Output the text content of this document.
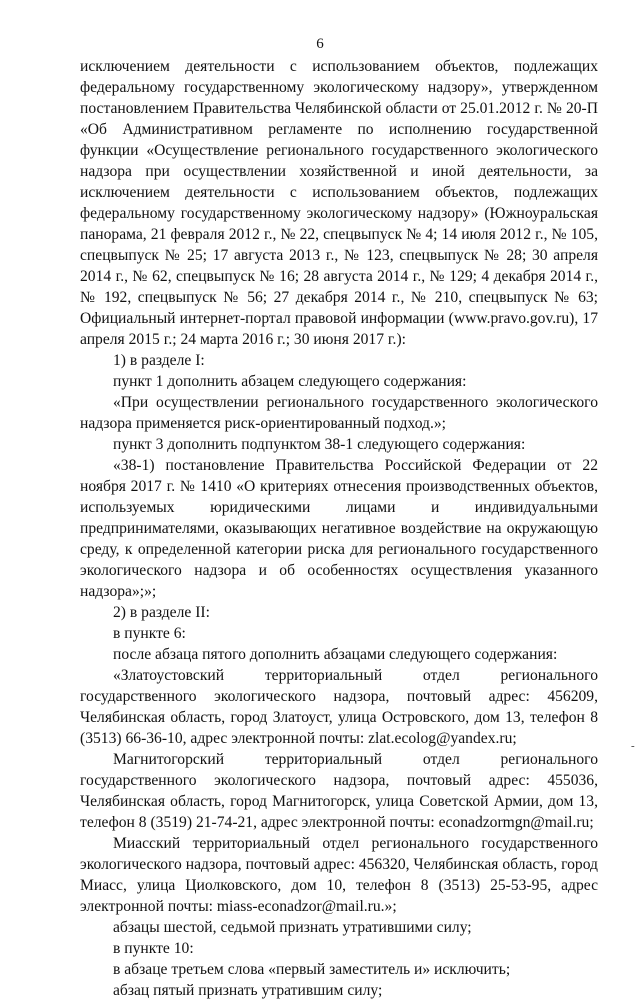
6

исключением деятельности с использованием объектов, подлежащих федеральному государственному экологическому надзору», утвержденном постановлением Правительства Челябинской области от 25.01.2012 г. № 20-П «Об Административном регламенте по исполнению государственной функции «Осуществление регионального государственного экологического надзора при осуществлении хозяйственной и иной деятельности, за исключением деятельности с использованием объектов, подлежащих федеральному государственному экологическому надзору» (Южноуральская панорама, 21 февраля 2012 г., № 22, спецвыпуск № 4; 14 июля 2012 г., № 105, спецвыпуск № 25; 17 августа 2013 г., № 123, спецвыпуск № 28; 30 апреля 2014 г., № 62, спецвыпуск № 16; 28 августа 2014 г., № 129; 4 декабря 2014 г., № 192, спецвыпуск № 56; 27 декабря 2014 г., № 210, спецвыпуск № 63; Официальный интернет-портал правовой информации (www.pravo.gov.ru), 17 апреля 2015 г.; 24 марта 2016 г.; 30 июня 2017 г.):

1) в разделе I:

пункт 1 дополнить абзацем следующего содержания:

«При осуществлении регионального государственного экологического надзора применяется риск-ориентированный подход.»;

пункт 3 дополнить подпунктом 38-1 следующего содержания:

«38-1) постановление Правительства Российской Федерации от 22 ноября 2017 г. № 1410 «О критериях отнесения производственных объектов, используемых юридическими лицами и индивидуальными предпринимателями, оказывающих негативное воздействие на окружающую среду, к определенной категории риска для регионального государственного экологического надзора и об особенностях осуществления указанного надзора»;»;

2) в разделе II:

в пункте 6:

после абзаца пятого дополнить абзацами следующего содержания:

«Златоустовский территориальный отдел регионального государственного экологического надзора, почтовый адрес: 456209, Челябинская область, город Златоуст, улица Островского, дом 13, телефон 8 (3513) 66-36-10, адрес электронной почты: zlat.ecolog@yandex.ru;

Магнитогорский территориальный отдел регионального государственного экологического надзора, почтовый адрес: 455036, Челябинская область, город Магнитогорск, улица Советской Армии, дом 13, телефон 8 (3519) 21-74-21, адрес электронной почты: econadzormgn@mail.ru;

Миасский территориальный отдел регионального государственного экологического надзора, почтовый адрес: 456320, Челябинская область, город Миасс, улица Циолковского, дом 10, телефон 8 (3513) 25-53-95, адрес электронной почты: miass-econadzor@mail.ru.»;

абзацы шестой, седьмой признать утратившими силу;

в пункте 10:

в абзаце третьем слова «первый заместитель и» исключить;

абзац пятый признать утратившим силу;

-
